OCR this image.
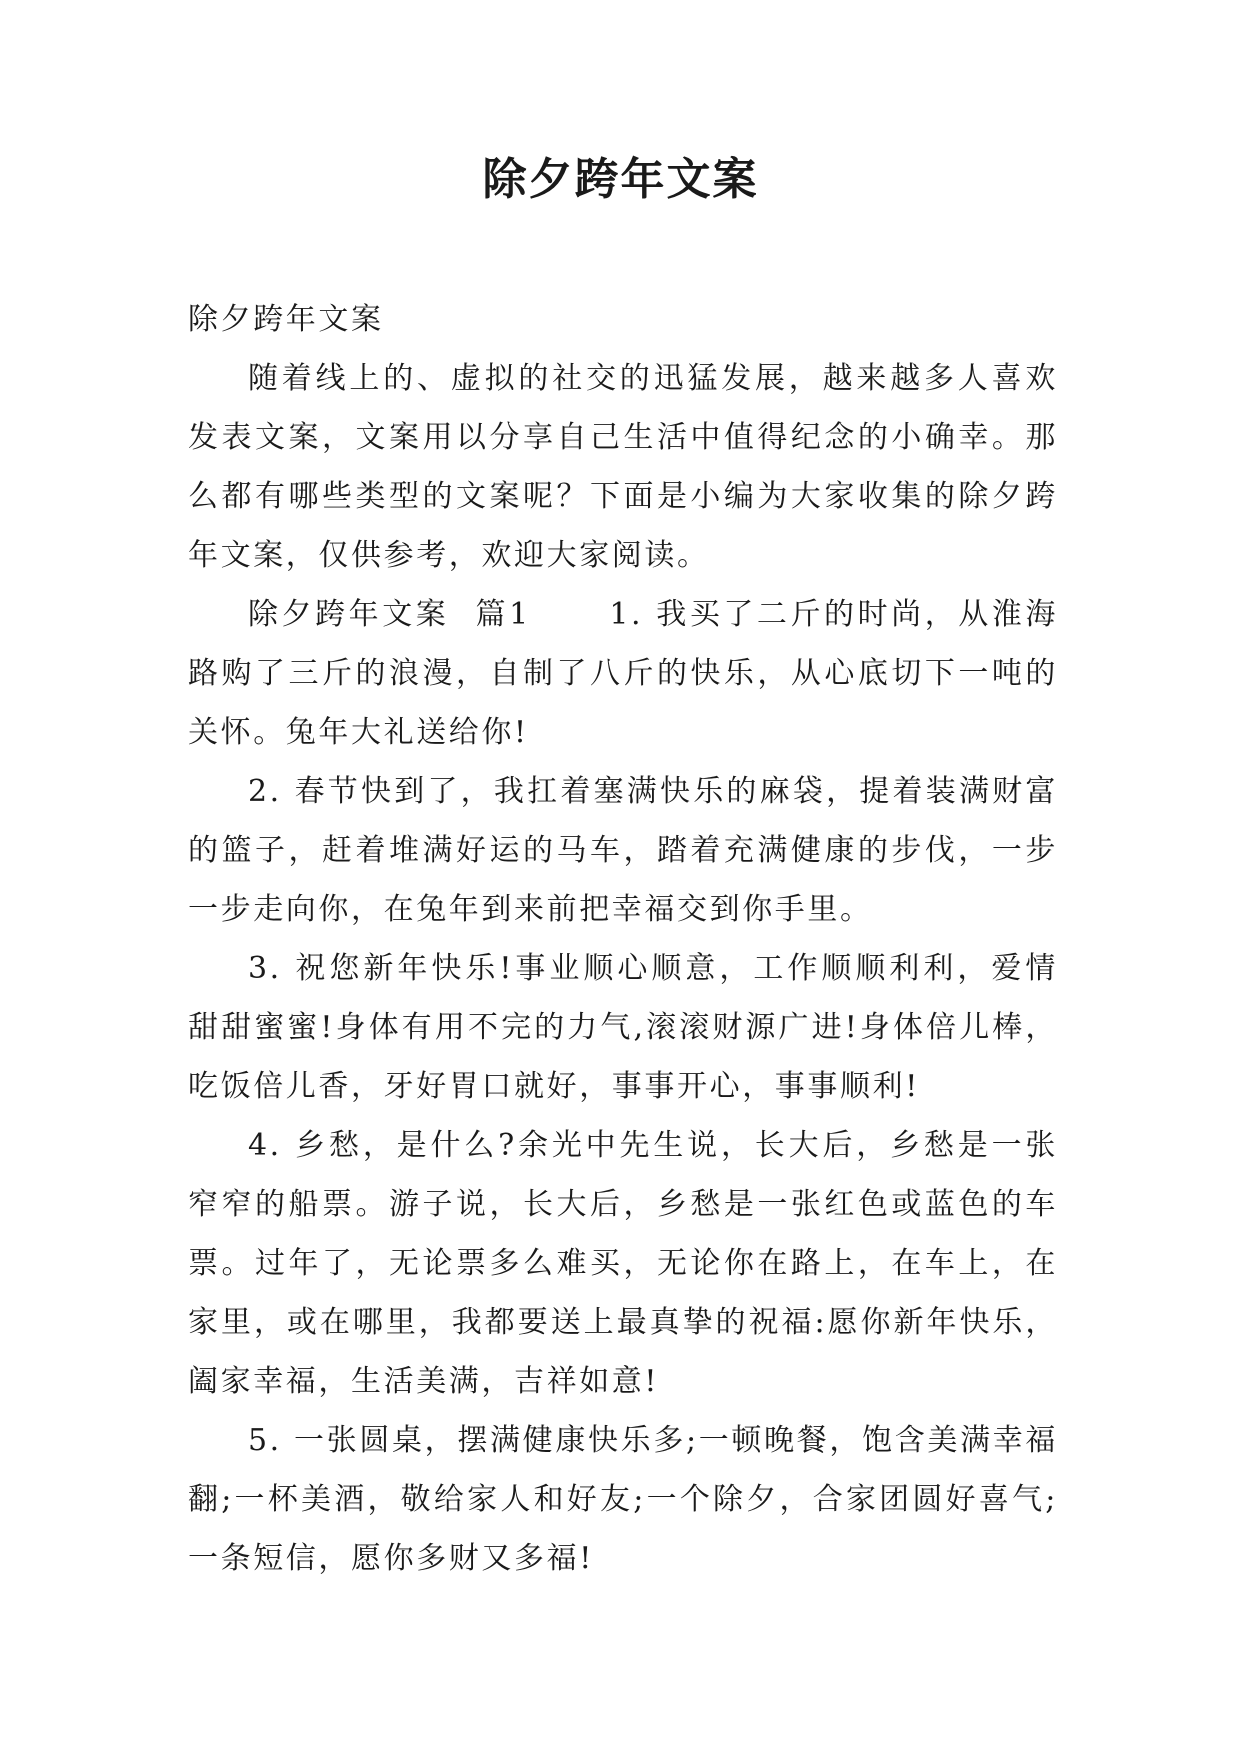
除夕跨年文案

除夕跨年文案

随着线上的、虚拟的社交的迅猛发展，越来越多人喜欢发表文案，文案用以分享自己生活中值得纪念的小确幸。那么都有哪些类型的文案呢？下面是小编为大家收集的除夕跨年文案，仅供参考，欢迎大家阅读。

除夕跨年文案  篇1      1. 我买了二斤的时尚，从淮海路购了三斤的浪漫，自制了八斤的快乐，从心底切下一吨的关怀。兔年大礼送给你!

2. 春节快到了，我扛着塞满快乐的麻袋，提着装满财富的篮子，赶着堆满好运的马车，踏着充满健康的步伐，一步一步走向你，在兔年到来前把幸福交到你手里。

3. 祝您新年快乐!事业顺心顺意，工作顺顺利利，爱情甜甜蜜蜜!身体有用不完的力气,滚滚财源广进!身体倍儿棒，吃饭倍儿香，牙好胃口就好，事事开心，事事顺利!

4. 乡愁，是什么?余光中先生说，长大后，乡愁是一张窄窄的船票。游子说，长大后，乡愁是一张红色或蓝色的车票。过年了，无论票多么难买，无论你在路上，在车上，在家里，或在哪里，我都要送上最真挚的祝福:愿你新年快乐，阖家幸福，生活美满，吉祥如意!

5. 一张圆桌，摆满健康快乐多;一顿晚餐，饱含美满幸福翻;一杯美酒，敬给家人和好友;一个除夕，合家团圆好喜气;一条短信，愿你多财又多福!
